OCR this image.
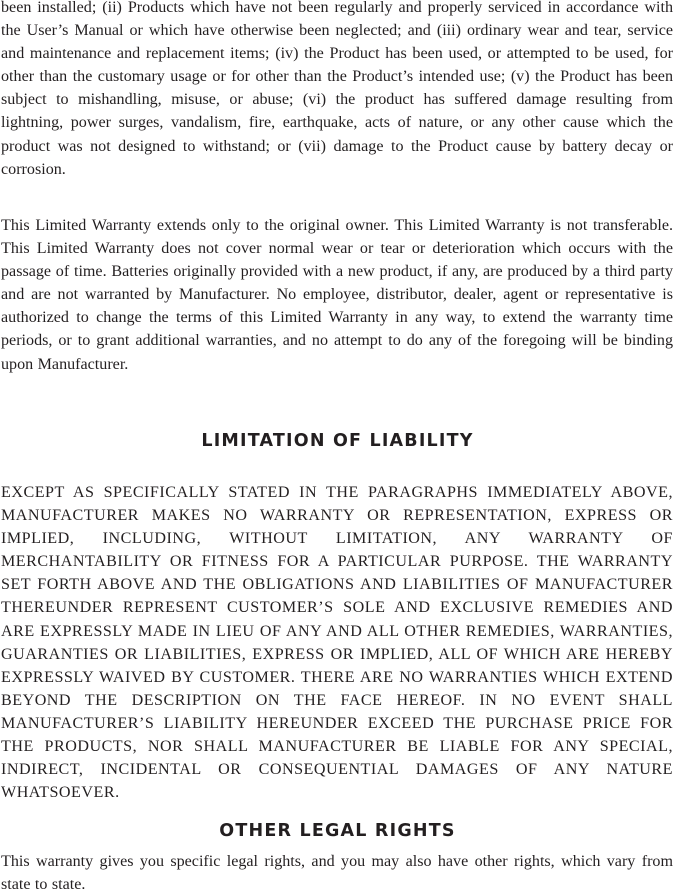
been installed; (ii) Products which have not been regularly and properly serviced in accordance with the User’s Manual or which have otherwise been neglected; and (iii) ordinary wear and tear, service and maintenance and replacement items; (iv) the Product has been used, or attempted to be used, for other than the customary usage or for other than the Product’s intended use; (v) the Product has been subject to mishandling, misuse, or abuse; (vi) the product has suffered damage resulting from lightning, power surges, vandalism, fire, earthquake, acts of nature, or any other cause which the product was not designed to withstand; or (vii) damage to the Product cause by battery decay or corrosion.

This Limited Warranty extends only to the original owner. This Limited Warranty is not transferable. This Limited Warranty does not cover normal wear or tear or deterioration which occurs with the passage of time. Batteries originally provided with a new product, if any, are produced by a third party and are not warranted by Manufacturer. No employee, distributor, dealer, agent or representative is authorized to change the terms of this Limited Warranty in any way, to extend the warranty time periods, or to grant additional warranties, and no attempt to do any of the foregoing will be binding upon Manufacturer.

LIMITATION OF LIABILITY

EXCEPT AS SPECIFICALLY STATED IN THE PARAGRAPHS IMMEDIATELY ABOVE, MANUFACTURER MAKES NO WARRANTY OR REPRESENTATION, EXPRESS OR IMPLIED, INCLUDING, WITHOUT LIMITATION, ANY WARRANTY OF MERCHANTABILITY OR FITNESS FOR A PARTICULAR PURPOSE. THE WARRANTY SET FORTH ABOVE AND THE OBLIGATIONS AND LIABILITIES OF MANUFACTURER THEREUNDER REPRESENT CUSTOMER’S SOLE AND EXCLUSIVE REMEDIES AND ARE EXPRESSLY MADE IN LIEU OF ANY AND ALL OTHER REMEDIES, WARRANTIES, GUARANTIES OR LIABILITIES, EXPRESS OR IMPLIED, ALL OF WHICH ARE HEREBY EXPRESSLY WAIVED BY CUSTOMER. THERE ARE NO WARRANTIES WHICH EXTEND BEYOND THE DESCRIPTION ON THE FACE HEREOF. IN NO EVENT SHALL MANUFACTURER’S LIABILITY HEREUNDER EXCEED THE PURCHASE PRICE FOR THE PRODUCTS, NOR SHALL MANUFACTURER BE LIABLE FOR ANY SPECIAL, INDIRECT, INCIDENTAL OR CONSEQUENTIAL DAMAGES OF ANY NATURE WHATSOEVER.

OTHER LEGAL RIGHTS

This warranty gives you specific legal rights, and you may also have other rights, which vary from state to state.
